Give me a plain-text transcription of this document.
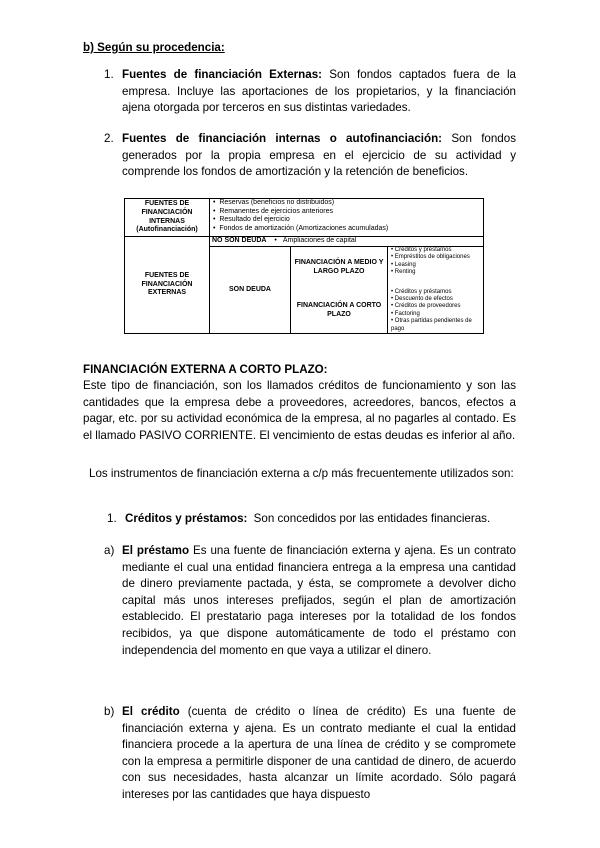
b) Según su procedencia:
1. Fuentes de financiación Externas: Son fondos captados fuera de la empresa. Incluye las aportaciones de los propietarios, y la financiación ajena otorgada por terceros en sus distintas variedades.
2. Fuentes de financiación internas o autofinanciación: Son fondos generados por la propia empresa en el ejercicio de su actividad y comprende los fondos de amortización y la retención de beneficios.
FUENTES DE FINANCIACIÓN INTERNAS (Autofinanciación)	•  Reservas (beneficios no distribuidos)
•  Remanentes de ejercicios anteriores
•  Resultado del ejercicio
•  Fondos de amortización (Amortizaciones acumuladas)

FUENTES DE FINANCIACIÓN EXTERNAS	NO SON DEUDA • Ampliaciones de capital		
	SON DEUDA	FINANCIACIÓN A MEDIO Y LARGO PLAZO	• Créditos y préstamos
• Empréstitos de obligaciones
• Leasing
• Renting

		FINANCIACIÓN A CORTO PLAZO	• Créditos y préstamos
• Descuento de efectos
• Créditos de proveedores
• Factoring
• Otras partidas pendientes de pago
FINANCIACIÓN EXTERNA A CORTO PLAZO:
Este tipo de financiación, son los llamados créditos de funcionamiento y son las cantidades que la empresa debe a proveedores, acreedores, bancos, efectos a pagar, etc. por su actividad económica de la empresa, al no pagarles al contado. Es el llamado PASIVO CORRIENTE. El vencimiento de estas deudas es inferior al año.
Los instrumentos de financiación externa a c/p más frecuentemente utilizados son:
1. Créditos y préstamos: Son concedidos por las entidades financieras.
a) El préstamo Es una fuente de financiación externa y ajena. Es un contrato mediante el cual una entidad financiera entrega a la empresa una cantidad de dinero previamente pactada, y ésta, se compromete a devolver dicho capital más unos intereses prefijados, según el plan de amortización establecido. El prestatario paga intereses por la totalidad de los fondos recibidos, ya que dispone automáticamente de todo el préstamo con independencia del momento en que vaya a utilizar el dinero.
b) El crédito (cuenta de crédito o línea de crédito) Es una fuente de financiación externa y ajena. Es un contrato mediante el cual la entidad financiera procede a la apertura de una línea de crédito y se compromete con la empresa a permitirle disponer de una cantidad de dinero, de acuerdo con sus necesidades, hasta alcanzar un límite acordado. Sólo pagará intereses por las cantidades que haya dispuesto
